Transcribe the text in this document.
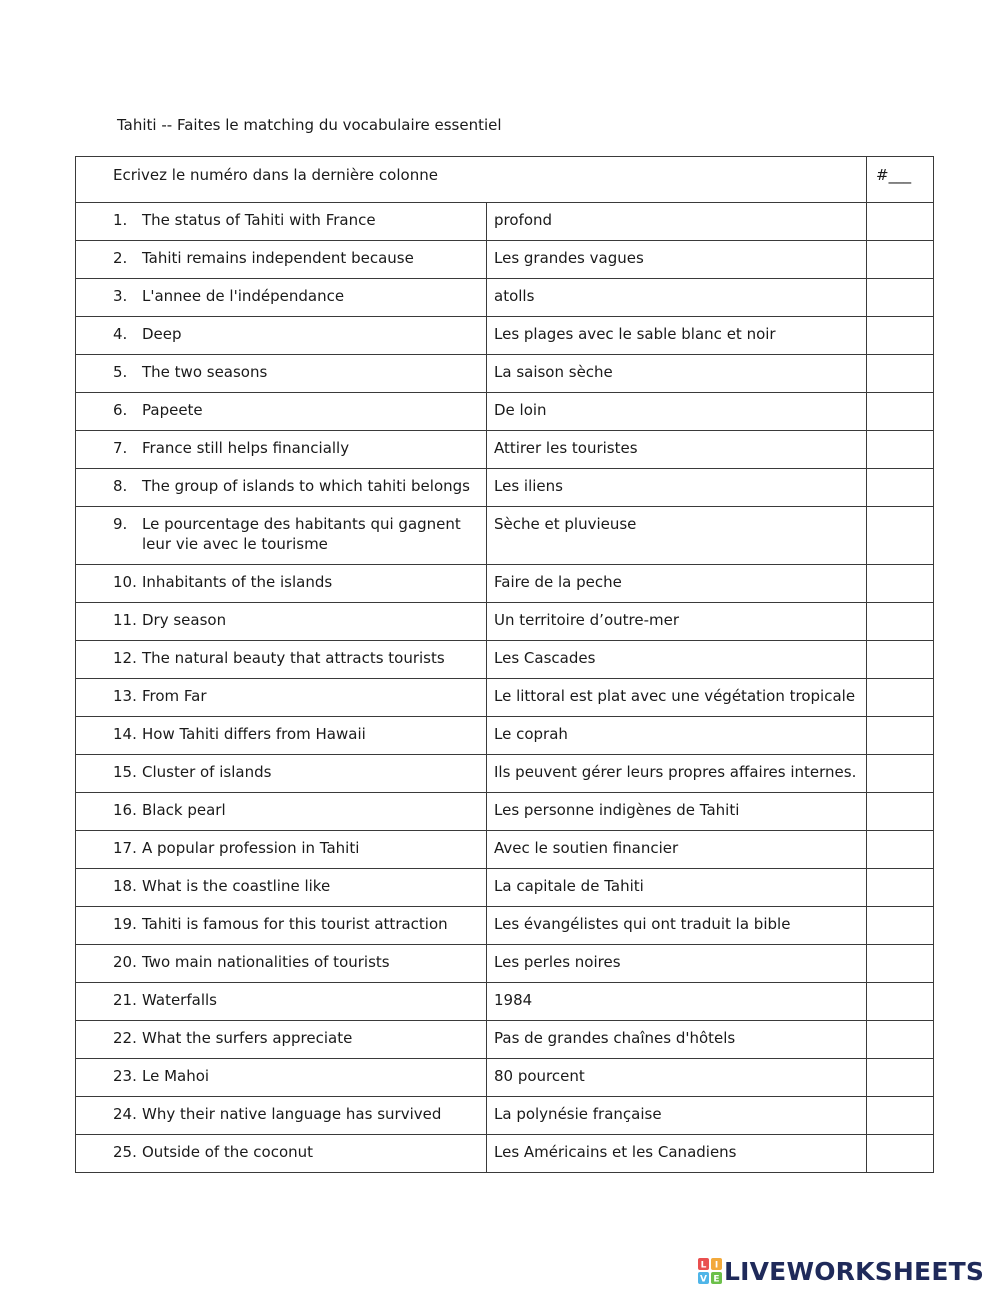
Tahiti -- Faites le matching du vocabulaire essentiel
Ecrivez le numéro dans la dernière colonne		#___

1. The status of Tahiti with France	profond	

2. Tahiti remains independent because	Les grandes vagues	

3. L'annee de l'indépendance	atolls	

4. Deep	Les plages avec le sable blanc et noir	

5. The two seasons	La saison sèche	

6. Papeete	De loin	

7. France still helps financially	Attirer les touristes	

8. The group of islands to which tahiti belongs	Les iliens	

9. Le pourcentage des habitants qui gagnent leur vie avec le tourisme	Sèche et pluvieuse	

10. Inhabitants of the islands	Faire de la peche	

11. Dry season	Un territoire d’outre-mer	

12. The natural beauty that attracts tourists	Les Cascades	

13. From Far	Le littoral est plat avec une végétation tropicale	

14. How Tahiti differs from Hawaii	Le coprah	

15. Cluster of islands	Ils peuvent gérer leurs propres affaires internes.	

16. Black pearl	Les personne indigènes de Tahiti	

17. A popular profession in Tahiti	Avec le soutien financier	

18. What is the coastline like	La capitale de Tahiti	

19. Tahiti is famous for this tourist attraction	Les évangélistes qui ont traduit la bible	

20. Two main nationalities of tourists	Les perles noires	

21. Waterfalls	1984	

22. What the surfers appreciate	Pas de grandes chaînes d'hôtels	

23. Le Mahoi	80 pourcent	

24. Why their native language has survived	La polynésie française	

25. Outside of the coconut	Les Américains et les Canadiens	

L I
V E LIVEWORKSHEETS
